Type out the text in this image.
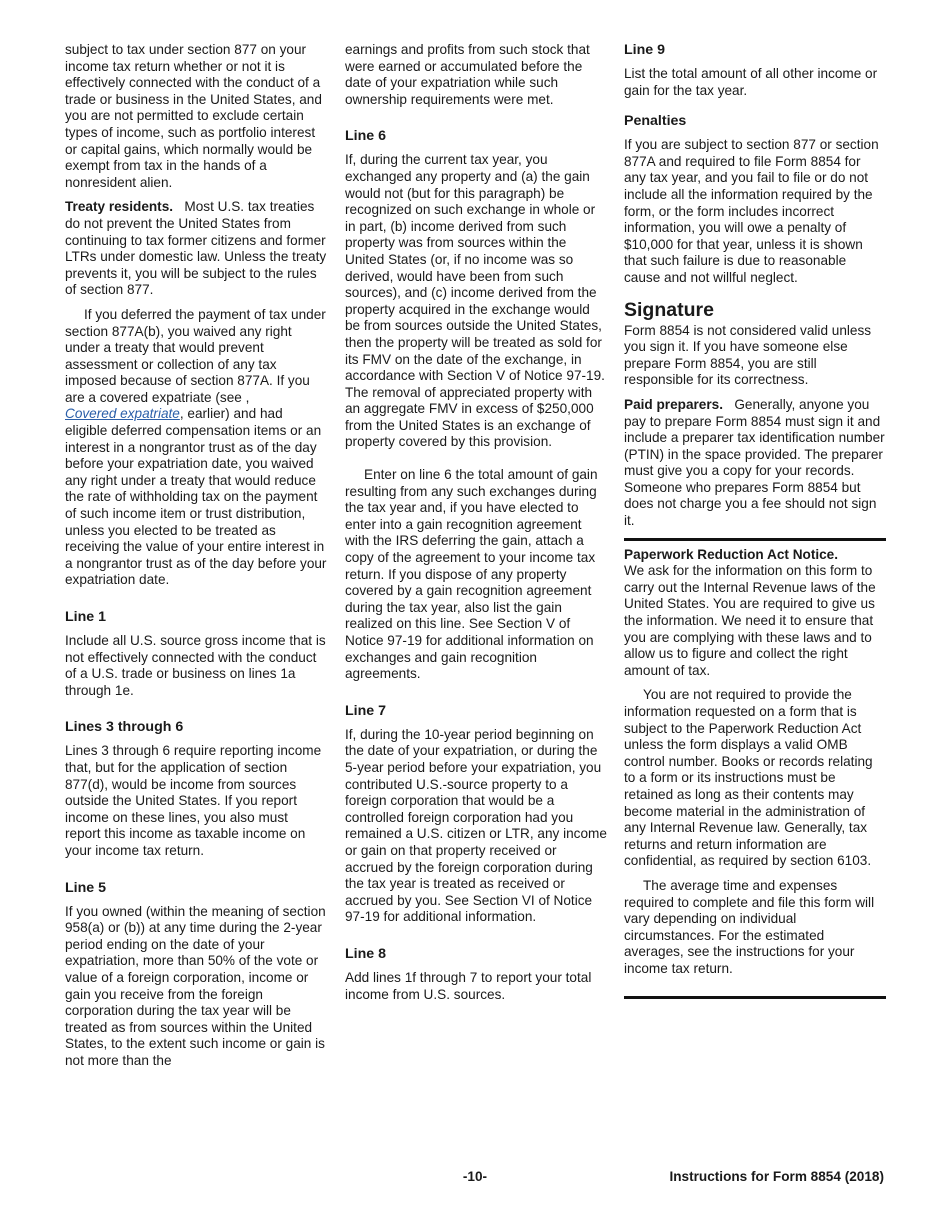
subject to tax under section 877 on your income tax return whether or not it is effectively connected with the conduct of a trade or business in the United States, and you are not permitted to exclude certain types of income, such as portfolio interest or capital gains, which normally would be exempt from tax in the hands of a nonresident alien.

Treaty residents. Most U.S. tax treaties do not prevent the United States from continuing to tax former citizens and former LTRs under domestic law. Unless the treaty prevents it, you will be subject to the rules of section 877.

If you deferred the payment of tax under section 877A(b), you waived any right under a treaty that would prevent assessment or collection of any tax imposed because of section 877A. If you are a covered expatriate (see ,
Covered expatriate, earlier) and had eligible deferred compensation items or an interest in a nongrantor trust as of the day before your expatriation date, you waived any right under a treaty that would reduce the rate of withholding tax on the payment of such income item or trust distribution, unless you elected to be treated as receiving the value of your entire interest in a nongrantor trust as of the day before your expatriation date.

Line 1

Include all U.S. source gross income that is not effectively connected with the conduct of a U.S. trade or business on lines 1a through 1e.

Lines 3 through 6

Lines 3 through 6 require reporting income that, but for the application of section 877(d), would be income from sources outside the United States. If you report income on these lines, you also must report this income as taxable income on your income tax return.

Line 5

If you owned (within the meaning of section 958(a) or (b)) at any time during the 2-year period ending on the date of your expatriation, more than 50% of the vote or value of a foreign corporation, income or gain you receive from the foreign corporation during the tax year will be treated as from sources within the United States, to the extent such income or gain is not more than the

earnings and profits from such stock that were earned or accumulated before the date of your expatriation while such ownership requirements were met.

Line 6

If, during the current tax year, you exchanged any property and (a) the gain would not (but for this paragraph) be recognized on such exchange in whole or in part, (b) income derived from such property was from sources within the United States (or, if no income was so derived, would have been from such sources), and (c) income derived from the property acquired in the exchange would be from sources outside the United States, then the property will be treated as sold for its FMV on the date of the exchange, in accordance with Section V of Notice 97-19. The removal of appreciated property with an aggregate FMV in excess of $250,000 from the United States is an exchange of property covered by this provision.

Enter on line 6 the total amount of gain resulting from any such exchanges during the tax year and, if you have elected to enter into a gain recognition agreement with the IRS deferring the gain, attach a copy of the agreement to your income tax return. If you dispose of any property covered by a gain recognition agreement during the tax year, also list the gain realized on this line. See Section V of Notice 97-19 for additional information on exchanges and gain recognition agreements.

Line 7

If, during the 10-year period beginning on the date of your expatriation, or during the 5-year period before your expatriation, you contributed U.S.-source property to a foreign corporation that would be a controlled foreign corporation had you remained a U.S. citizen or LTR, any income or gain on that property received or accrued by the foreign corporation during the tax year is treated as received or accrued by you. See Section VI of Notice 97-19 for additional information.

Line 8

Add lines 1f through 7 to report your total income from U.S. sources.

Line 9

List the total amount of all other income or gain for the tax year.

Penalties

If you are subject to section 877 or section 877A and required to file Form 8854 for any tax year, and you fail to file or do not include all the information required by the form, or the form includes incorrect information, you will owe a penalty of $10,000 for that year, unless it is shown that such failure is due to reasonable cause and not willful neglect.

Signature

Form 8854 is not considered valid unless you sign it. If you have someone else prepare Form 8854, you are still responsible for its correctness.

Paid preparers. Generally, anyone you pay to prepare Form 8854 must sign it and include a preparer tax identification number (PTIN) in the space provided. The preparer must give you a copy for your records. Someone who prepares Form 8854 but does not charge you a fee should not sign it.

Paperwork Reduction Act Notice.
We ask for the information on this form to carry out the Internal Revenue laws of the United States. You are required to give us the information. We need it to ensure that you are complying with these laws and to allow us to figure and collect the right amount of tax.

You are not required to provide the information requested on a form that is subject to the Paperwork Reduction Act unless the form displays a valid OMB control number. Books or records relating to a form or its instructions must be retained as long as their contents may become material in the administration of any Internal Revenue law. Generally, tax returns and return information are confidential, as required by section 6103.

The average time and expenses required to complete and file this form will vary depending on individual circumstances. For the estimated averages, see the instructions for your income tax return.

-10-	Instructions for Form 8854 (2018)
